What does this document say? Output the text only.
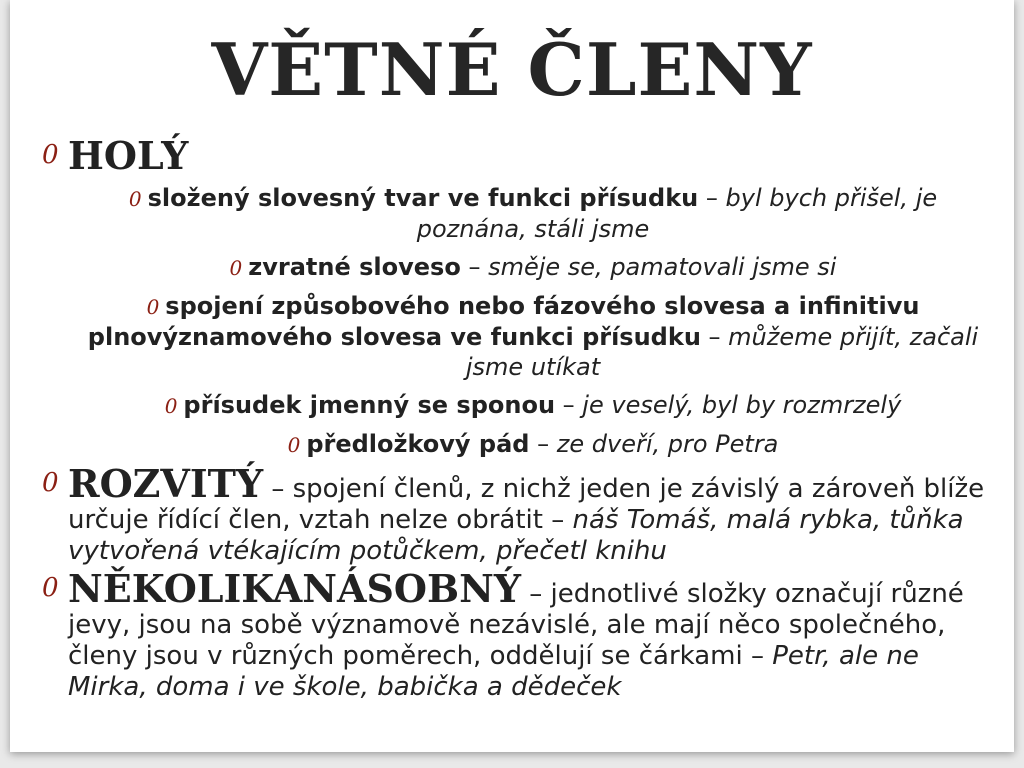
VĚTNÉ ČLENY
0 HOLÝ
0 složený slovesný tvar ve funkci přísudku – byl bych přišel, je poznána, stáli jsme
0 zvratné sloveso – směje se, pamatovali jsme si
0 spojení způsobového nebo fázového slovesa a infinitivu plnovýznamového slovesa ve funkci přísudku – můžeme přijít, začali jsme utíkat
0 přísudek jmenný se sponou – je veselý, byl by rozmrzelý
0 předložkový pád – ze dveří, pro Petra
0 ROZVITÝ – spojení členů, z nichž jeden je závislý a zároveň blíže určuje řídící člen, vztah nelze obrátit – náš Tomáš, malá rybka, tůňka vytvořená vtékajícím potůčkem, přečetl knihu
0 NĚKOLIKANÁSOBNÝ – jednotlivé složky označují různé jevy, jsou na sobě významově nezávislé, ale mají něco společného, členy jsou v různých poměrech, oddělují se čárkami – Petr, ale ne Mirka, doma i ve škole, babička a dědeček
